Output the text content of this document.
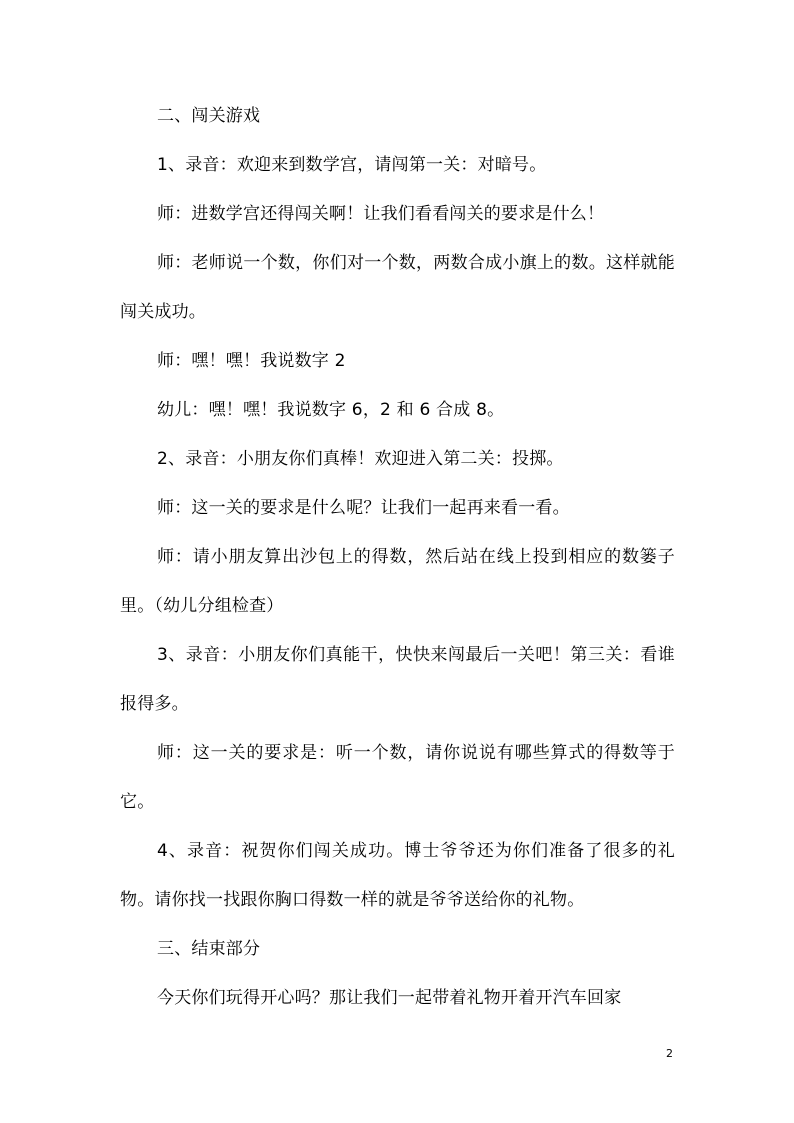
二、闯关游戏

1、录音：欢迎来到数学宫，请闯第一关：对暗号。

师：进数学宫还得闯关啊！让我们看看闯关的要求是什么！

师：老师说一个数，你们对一个数，两数合成小旗上的数。这样就能闯关成功。

师：嘿！嘿！我说数字 2

幼儿：嘿！嘿！我说数字 6，2 和 6 合成 8。

2、录音：小朋友你们真棒！欢迎进入第二关：投掷。

师：这一关的要求是什么呢？让我们一起再来看一看。

师：请小朋友算出沙包上的得数，然后站在线上投到相应的数篓子里。（幼儿分组检查）

3、录音：小朋友你们真能干，快快来闯最后一关吧！第三关：看谁报得多。

师：这一关的要求是：听一个数，请你说说有哪些算式的得数等于它。

4、录音：祝贺你们闯关成功。博士爷爷还为你们准备了很多的礼物。请你找一找跟你胸口得数一样的就是爷爷送给你的礼物。

三、结束部分

今天你们玩得开心吗？那让我们一起带着礼物开着开汽车回家

2
